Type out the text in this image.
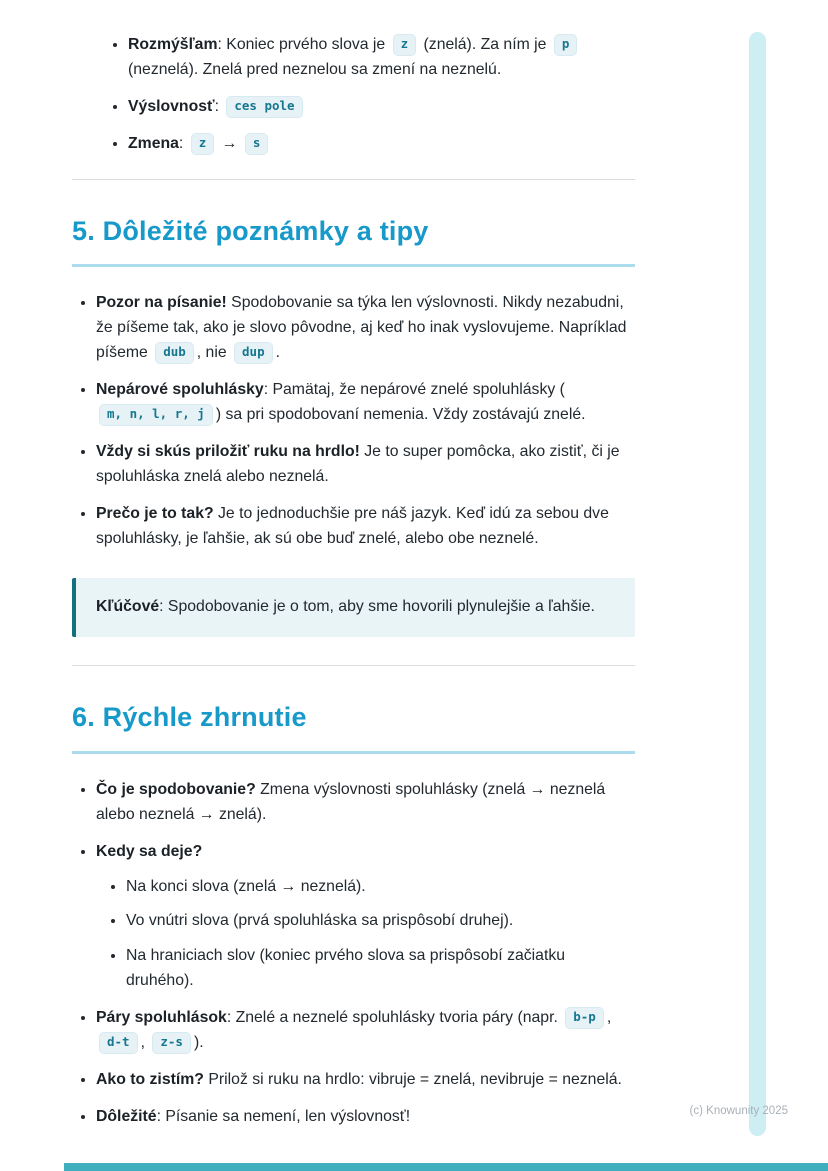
• Rozmýšľam: Koniec prvého slova je z (znelá). Za ním je p (neznelá). Znelá pred neznelou sa zmení na neznelú.
• Výslovnosť: ces pole
• Zmena: z → s
5. Dôležité poznámky a tipy
• Pozor na písanie! Spodobovanie sa týka len výslovnosti. Nikdy nezabudni, že píšeme tak, ako je slovo pôvodne, aj keď ho inak vyslovujeme. Napríklad píšeme dub , nie dup .
• Nepárové spoluhlásky: Pamätaj, že nepárové znelé spoluhlásky (m, n, l, r, j ) sa pri spodobovaní nemenia. Vždy zostávajú znelé.
• Vždy si skús priložiť ruku na hrdlo! Je to super pomôcka, ako zistiť, či je spoluhláska znelá alebo neznelá.
• Prečo je to tak? Je to jednoduchšie pre náš jazyk. Keď idú za sebou dve spoluhlásky, je ľahšie, ak sú obe buď znelé, alebo obe neznelé.

Kľúčové: Spodobovanie je o tom, aby sme hovorili plynulejšie a ľahšie.

6. Rýchle zhrnutie
• Čo je spodobovanie? Zmena výslovnosti spoluhlásky (znelá → neznelá alebo neznelá → znelá).
• Kedy sa deje?
• Na konci slova (znelá → neznelá).
• Vo vnútri slova (prvá spoluhláska sa prispôsobí druhej).
• Na hraniciach slov (koniec prvého slova sa prispôsobí začiatku druhého).
• Páry spoluhlások: Znelé a neznelé spoluhlásky tvoria páry (napr. b-p , d-t , z-s ).
• Ako to zistím? Prilož si ruku na hrdlo: vibruje = znelá, nevibruje = neznelá.
• Dôležité: Písanie sa nemení, len výslovnosť!	(c) Knowunity 2025
